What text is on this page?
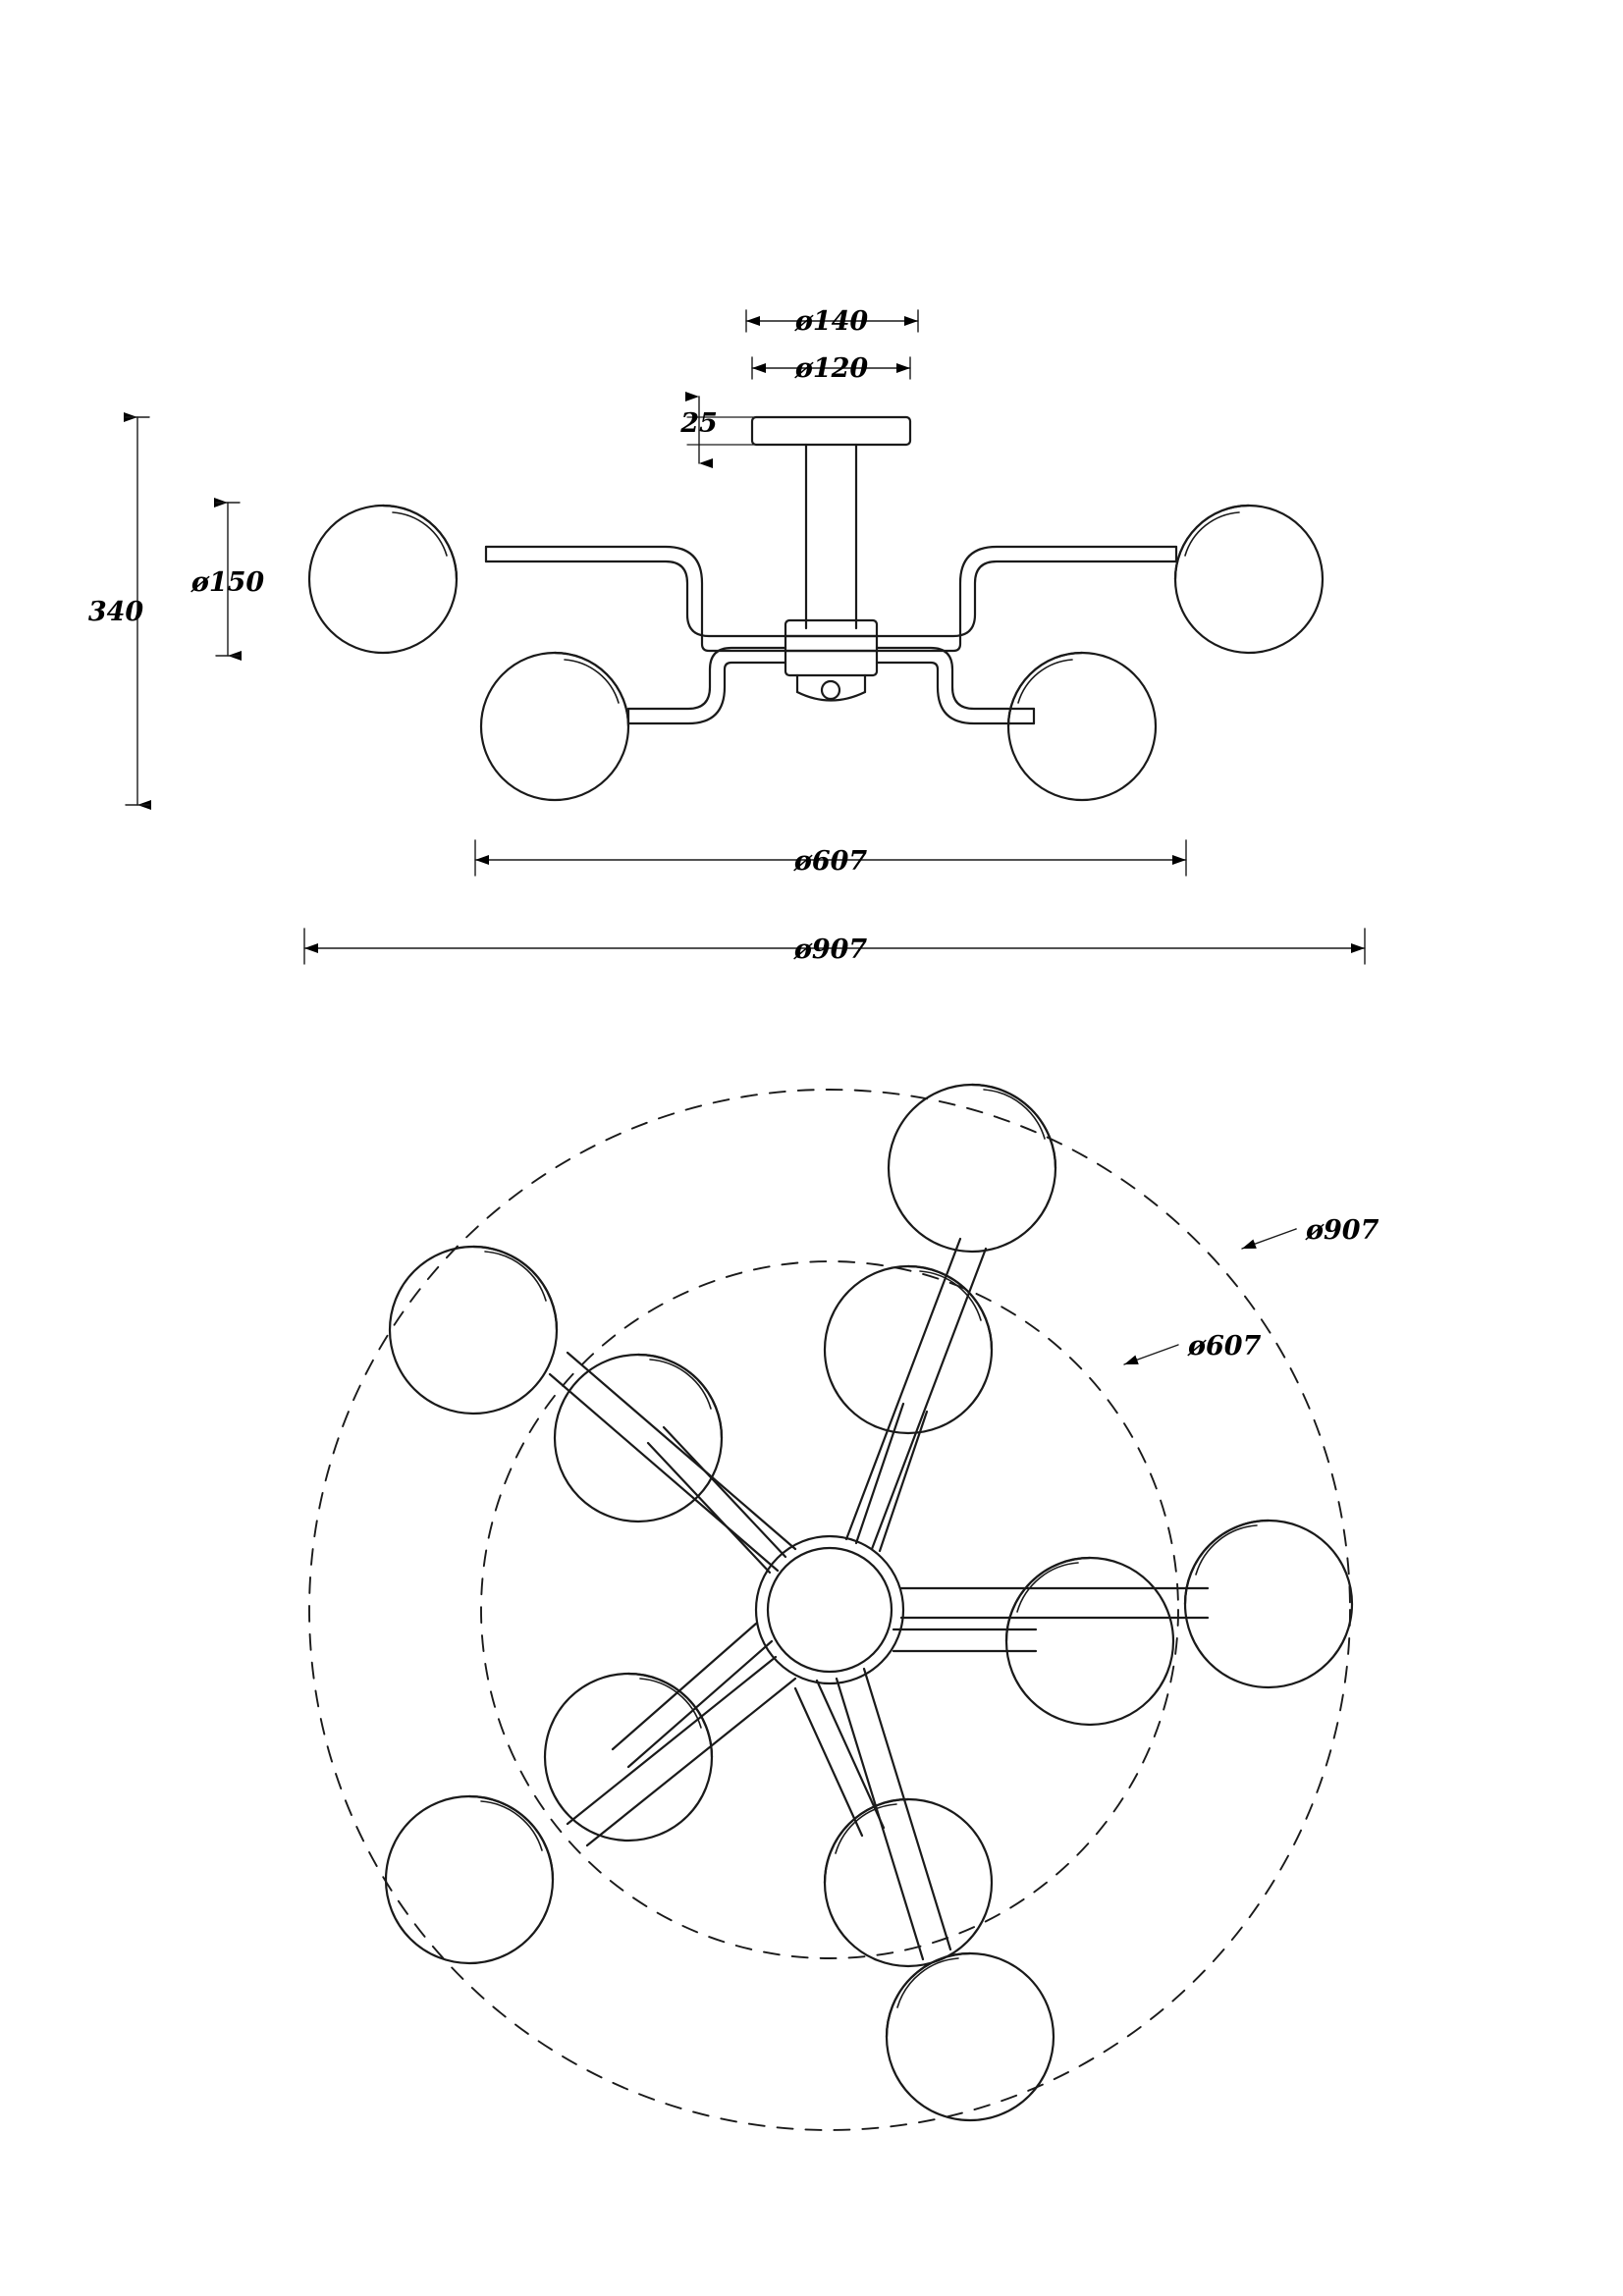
340
ø150
ø140
ø120
25
ø607
ø907
ø907
ø607
